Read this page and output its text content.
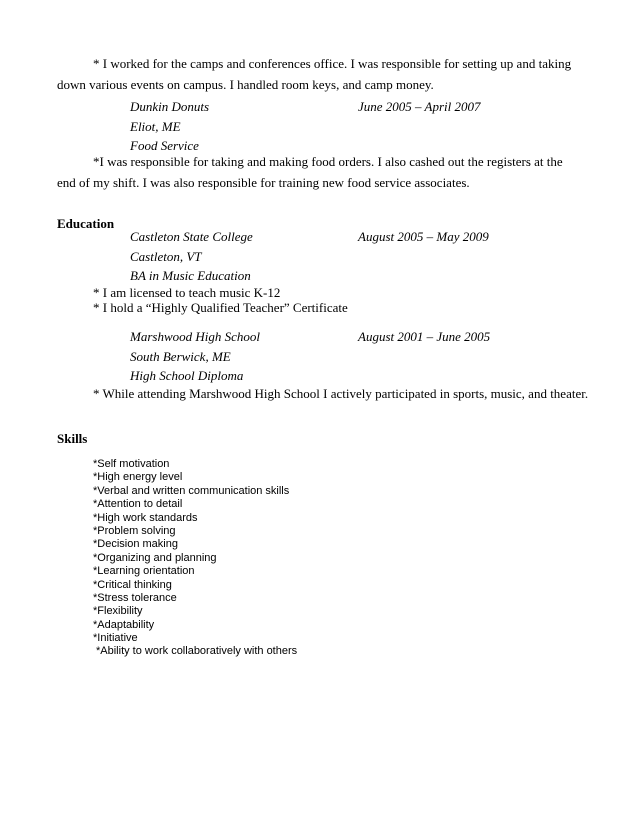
* I worked for the camps and conferences office. I was responsible for setting up and taking down various events on campus. I handled room keys, and camp money.

Dunkin Donuts	June 2005 – April 2007
Eliot, ME
Food Service

*I was responsible for taking and making food orders. I also cashed out the registers at the end of my shift. I was also responsible for training new food service associates.

Education
Castleton State College	August 2005 – May 2009
Castleton, VT
BA in Music Education
* I am licensed to teach music K-12
* I hold a “Highly Qualified Teacher” Certificate
Marshwood High School	August 2001 – June 2005
South Berwick, ME
High School Diploma
* While attending Marshwood High School I actively participated in sports, music, and theater.
Skills
*Self motivation
*High energy level
*Verbal and written communication skills
*Attention to detail
*High work standards
*Problem solving
*Decision making
*Organizing and planning
*Learning orientation
*Critical thinking
*Stress tolerance
*Flexibility
*Adaptability
*Initiative
*Ability to work collaboratively with others
